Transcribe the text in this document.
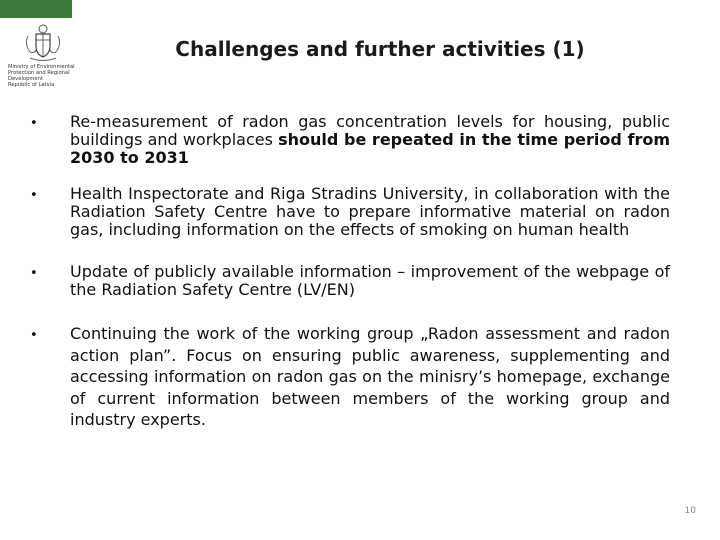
Ministry of Environmental
Protection and Regional
Development
Republic of Latvia
Challenges and further activities (1)
•
Re-measurement of radon gas concentration levels for housing, public buildings and workplaces should be repeated in the time period from 2030 to 2031
•
Health Inspectorate and Riga Stradins University, in collaboration with the Radiation Safety Centre have to prepare informative material on radon gas, including information on the effects of smoking on human health
•
Update of publicly available information – improvement of the webpage of the Radiation Safety Centre (LV/EN)
•
Continuing the work of the working group „Radon assessment and radon action plan”. Focus on ensuring public awareness, supplementing and accessing information on radon gas on the minisry’s homepage, exchange of current information between members of the working group and industry experts.
10
